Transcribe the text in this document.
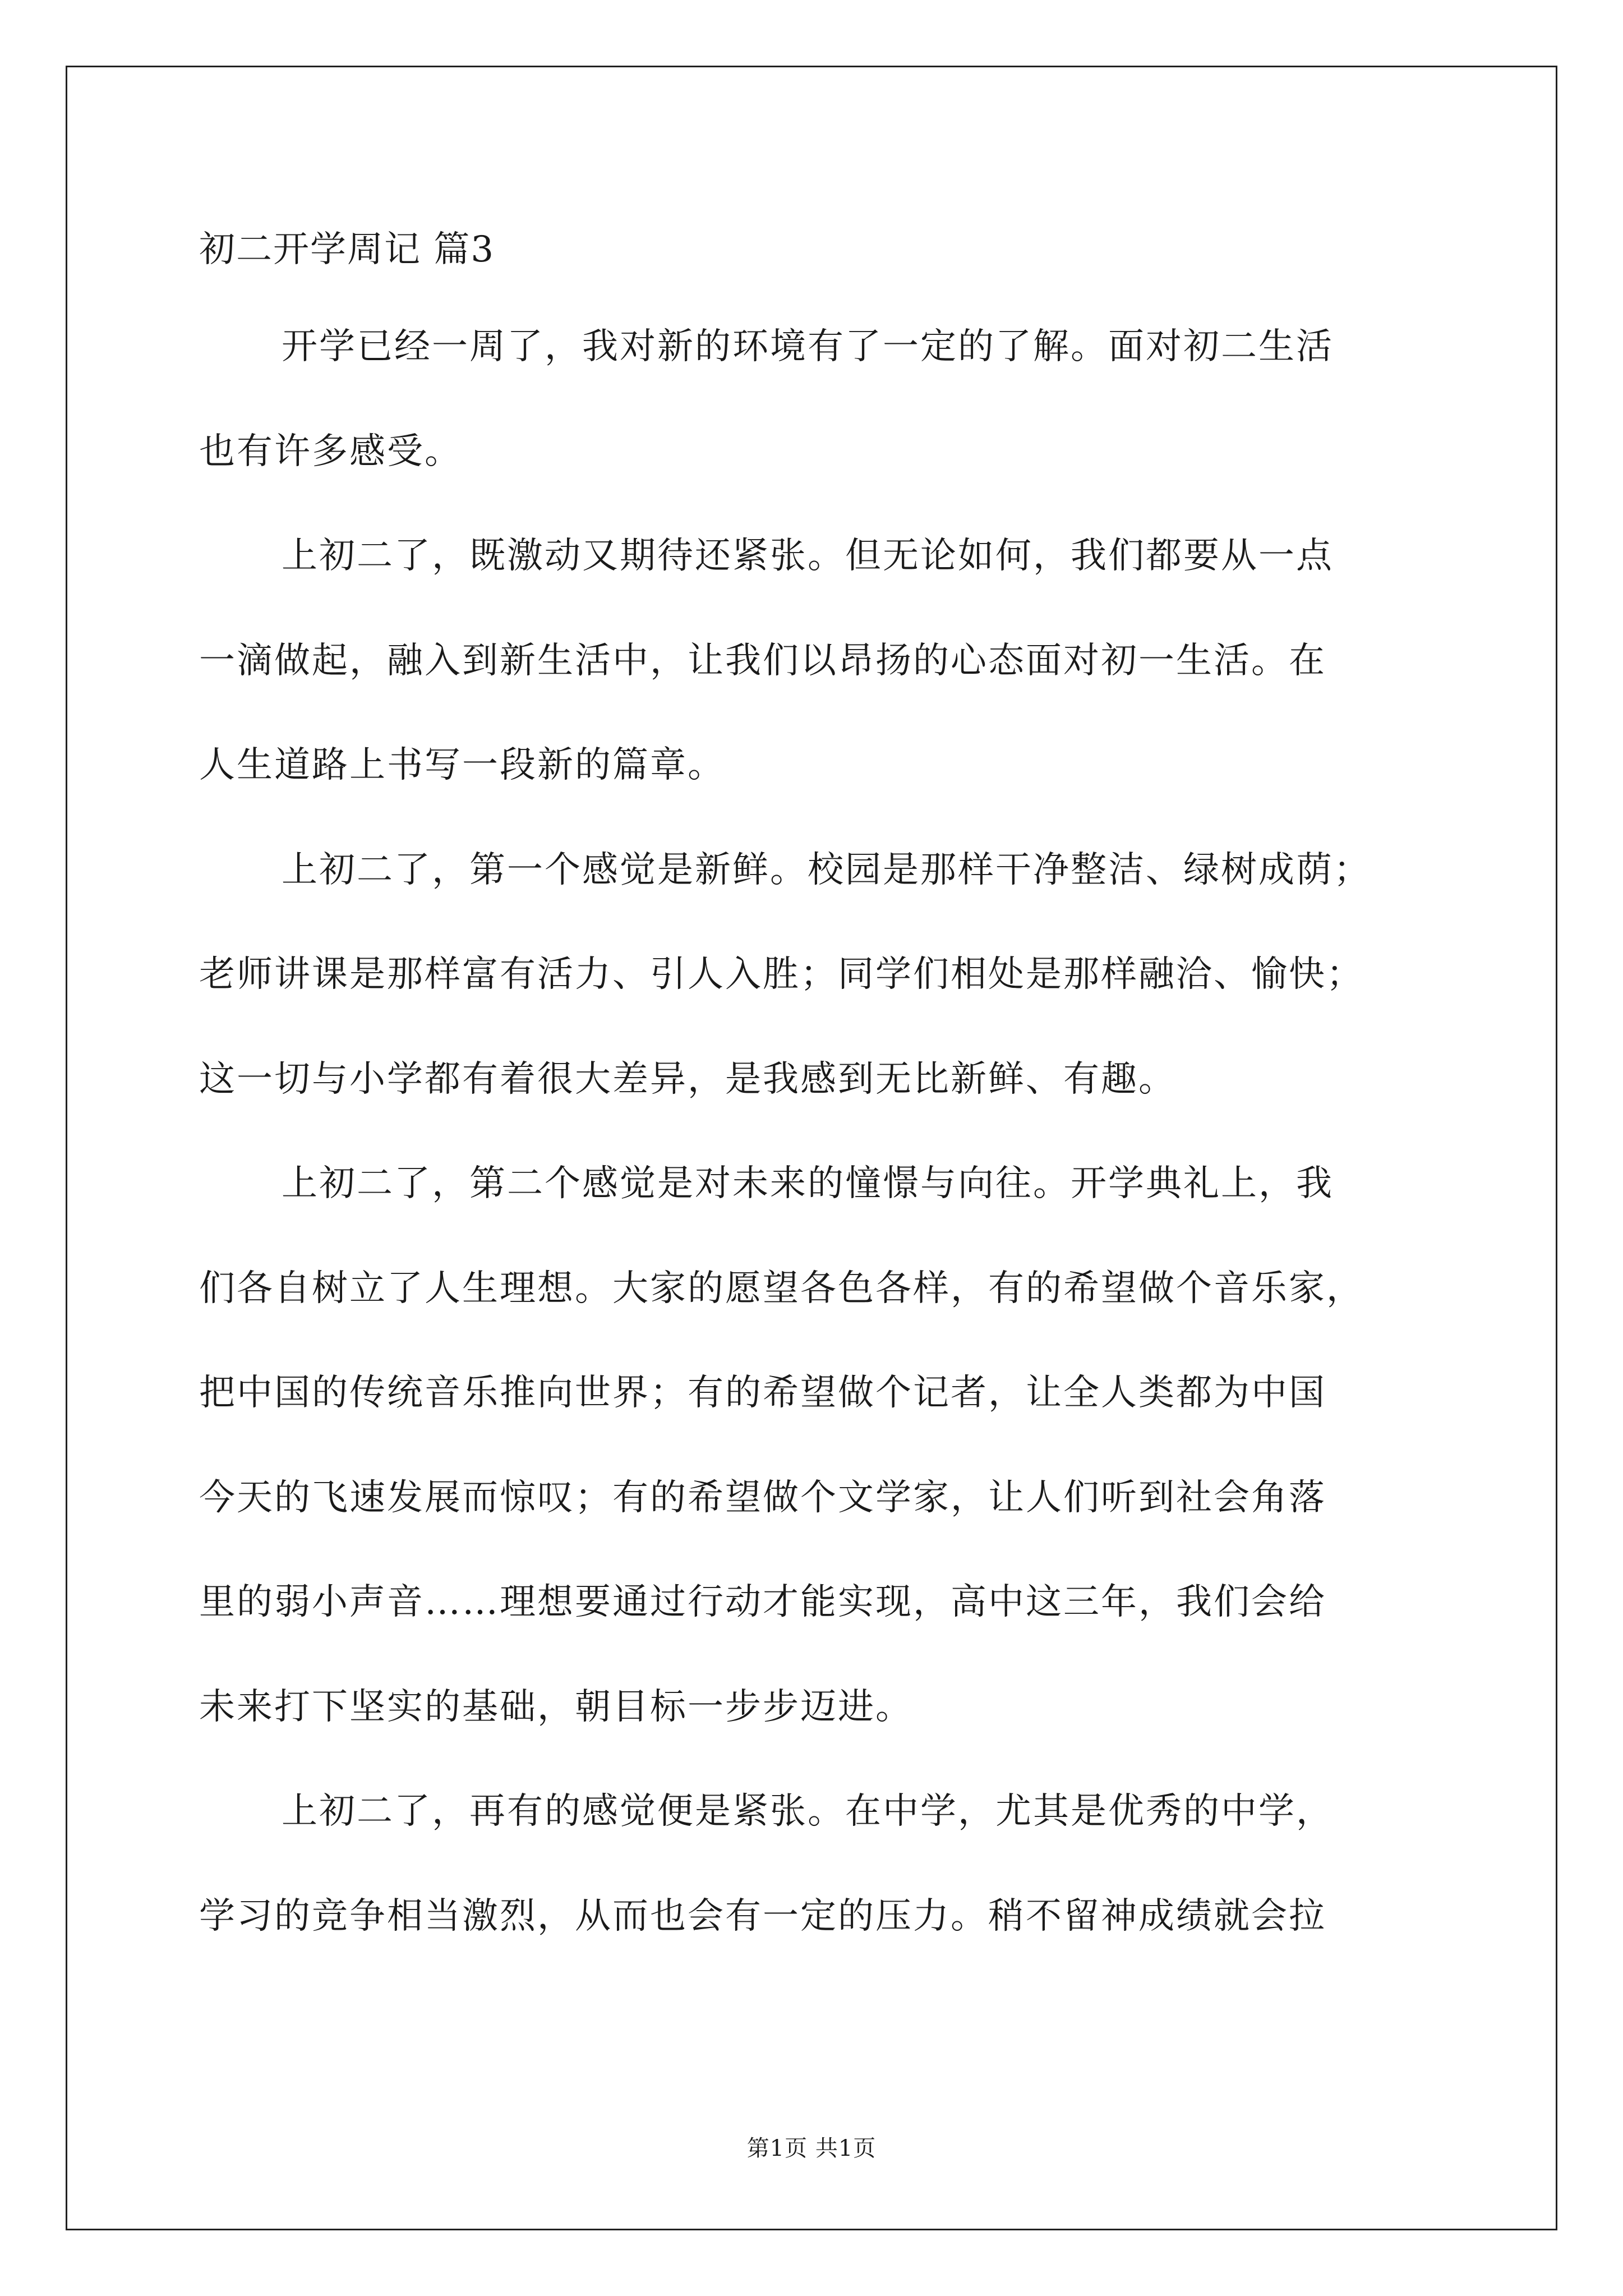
初二开学周记 篇3
开学已经一周了，我对新的环境有了一定的了解。面对初二生活
也有许多感受。
上初二了，既激动又期待还紧张。但无论如何，我们都要从一点
一滴做起，融入到新生活中，让我们以昂扬的心态面对初一生活。在
人生道路上书写一段新的篇章。
上初二了，第一个感觉是新鲜。校园是那样干净整洁、绿树成荫；
老师讲课是那样富有活力、引人入胜；同学们相处是那样融洽、愉快；
这一切与小学都有着很大差异，是我感到无比新鲜、有趣。
上初二了，第二个感觉是对未来的憧憬与向往。开学典礼上，我
们各自树立了人生理想。大家的愿望各色各样，有的希望做个音乐家，
把中国的传统音乐推向世界；有的希望做个记者，让全人类都为中国
今天的飞速发展而惊叹；有的希望做个文学家，让人们听到社会角落
里的弱小声音……理想要通过行动才能实现，高中这三年，我们会给
未来打下坚实的基础，朝目标一步步迈进。
上初二了，再有的感觉便是紧张。在中学，尤其是优秀的中学，
学习的竞争相当激烈，从而也会有一定的压力。稍不留神成绩就会拉

第1页 共1页
